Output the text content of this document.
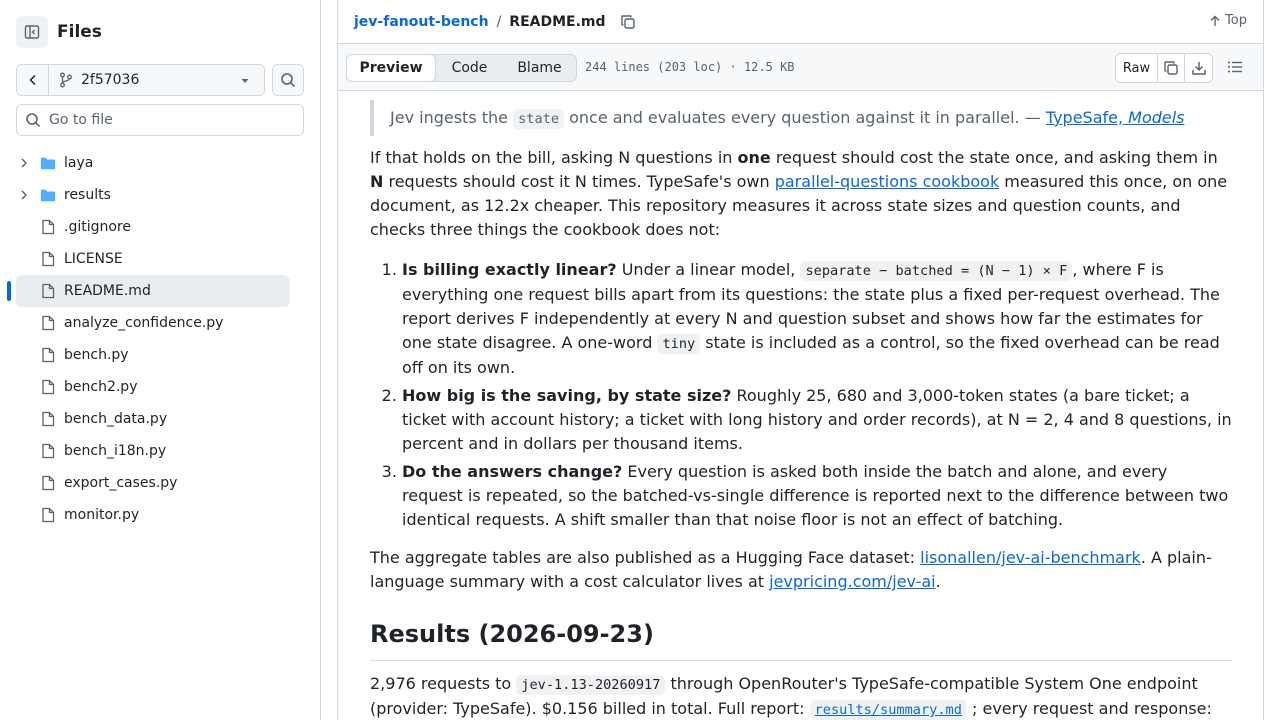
Files
2f57036
Go to file
laya
results
.gitignore
LICENSE
README.md
analyze_confidence.py
bench.py
bench2.py
bench_data.py
bench_i18n.py
export_cases.py
monitor.py
jev-fanout-bench / README.md	Top
Preview	Code	Blame	244 lines (203 loc) · 12.5 KB	Raw
Jev ingests the state once and evaluates every question against it in parallel. — TypeSafe, Models

If that holds on the bill, asking N questions in one request should cost the state once, and asking them in N requests should cost it N times. TypeSafe's own parallel-questions cookbook measured this once, on one document, as 12.2x cheaper. This repository measures it across state sizes and question counts, and checks three things the cookbook does not:

1. Is billing exactly linear? Under a linear model, separate − batched = (N − 1) × F , where F is everything one request bills apart from its questions: the state plus a fixed per-request overhead. The report derives F independently at every N and question subset and shows how far the estimates for one state disagree. A one-word tiny state is included as a control, so the fixed overhead can be read off on its own.
2. How big is the saving, by state size? Roughly 25, 680 and 3,000-token states (a bare ticket; a ticket with account history; a ticket with long history and order records), at N = 2, 4 and 8 questions, in percent and in dollars per thousand items.
3. Do the answers change? Every question is asked both inside the batch and alone, and every request is repeated, so the batched-vs-single difference is reported next to the difference between two identical requests. A shift smaller than that noise floor is not an effect of batching.

The aggregate tables are also published as a Hugging Face dataset: lisonallen/jev-ai-benchmark. A plain-language summary with a cost calculator lives at jevpricing.com/jev-ai.

Results (2026-09-23)

2,976 requests to jev-1.13-20260917 through OpenRouter's TypeSafe-compatible System One endpoint (provider: TypeSafe). $0.156 billed in total. Full report: results/summary.md ; every request and response:
